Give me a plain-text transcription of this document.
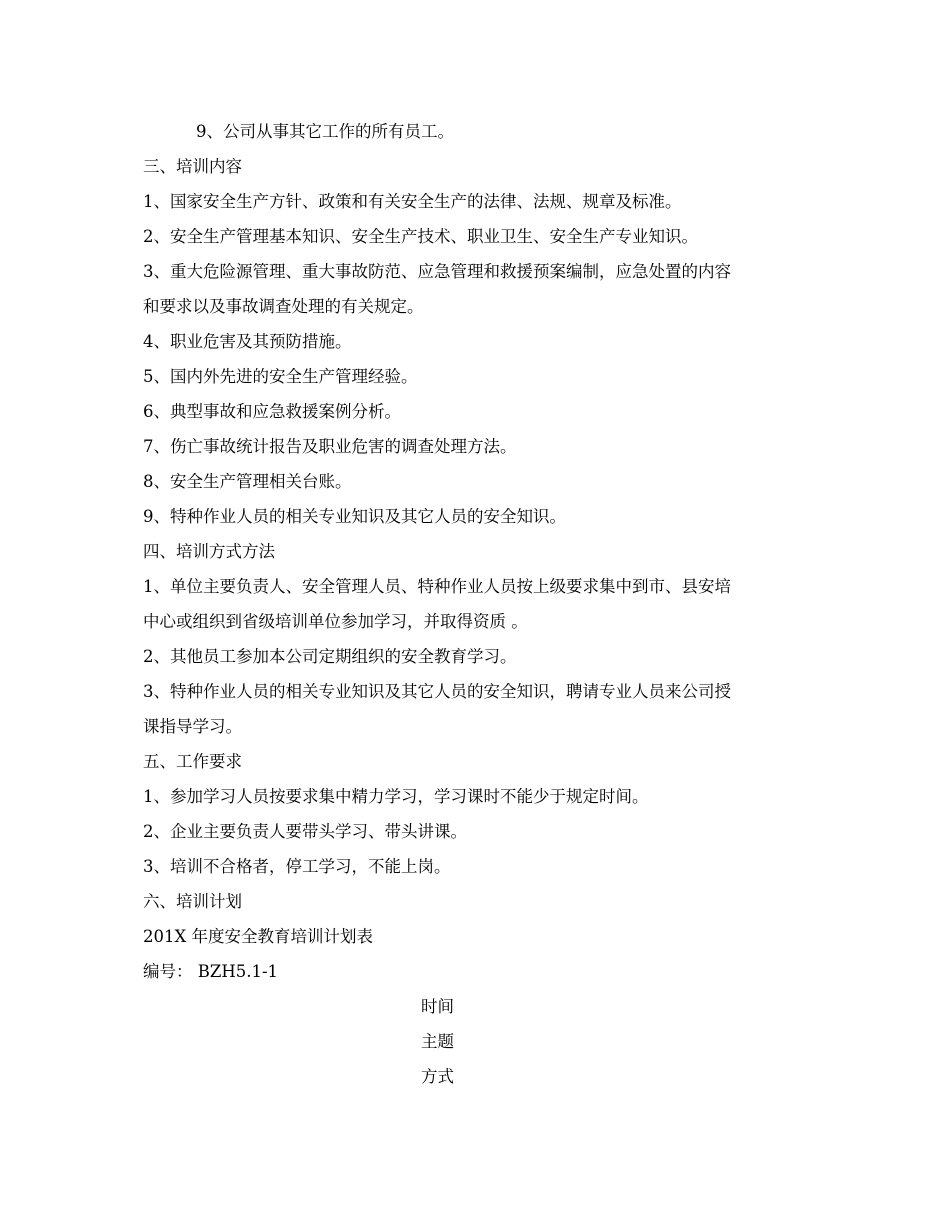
9、公司从事其它工作的所有员工。
三、培训内容
1、国家安全生产方针、政策和有关安全生产的法律、法规、规章及标准。
2、安全生产管理基本知识、安全生产技术、职业卫生、安全生产专业知识。
3、重大危险源管理、重大事故防范、应急管理和救援预案编制，应急处置的内容
和要求以及事故调查处理的有关规定。
4、职业危害及其预防措施。
5、国内外先进的安全生产管理经验。
6、典型事故和应急救援案例分析。
7、伤亡事故统计报告及职业危害的调查处理方法。
8、安全生产管理相关台账。
9、特种作业人员的相关专业知识及其它人员的安全知识。
四、培训方式方法
1、单位主要负责人、安全管理人员、特种作业人员按上级要求集中到市、县安培
中心或组织到省级培训单位参加学习，并取得资质 。
2、其他员工参加本公司定期组织的安全教育学习。
3、特种作业人员的相关专业知识及其它人员的安全知识，聘请专业人员来公司授
课指导学习。
五、工作要求
1、参加学习人员按要求集中精力学习，学习课时不能少于规定时间。
2、企业主要负责人要带头学习、带头讲课。
3、培训不合格者，停工学习，不能上岗。
六、培训计划
201X 年度安全教育培训计划表
编号： BZH5.1-1
时间
主题
方式
